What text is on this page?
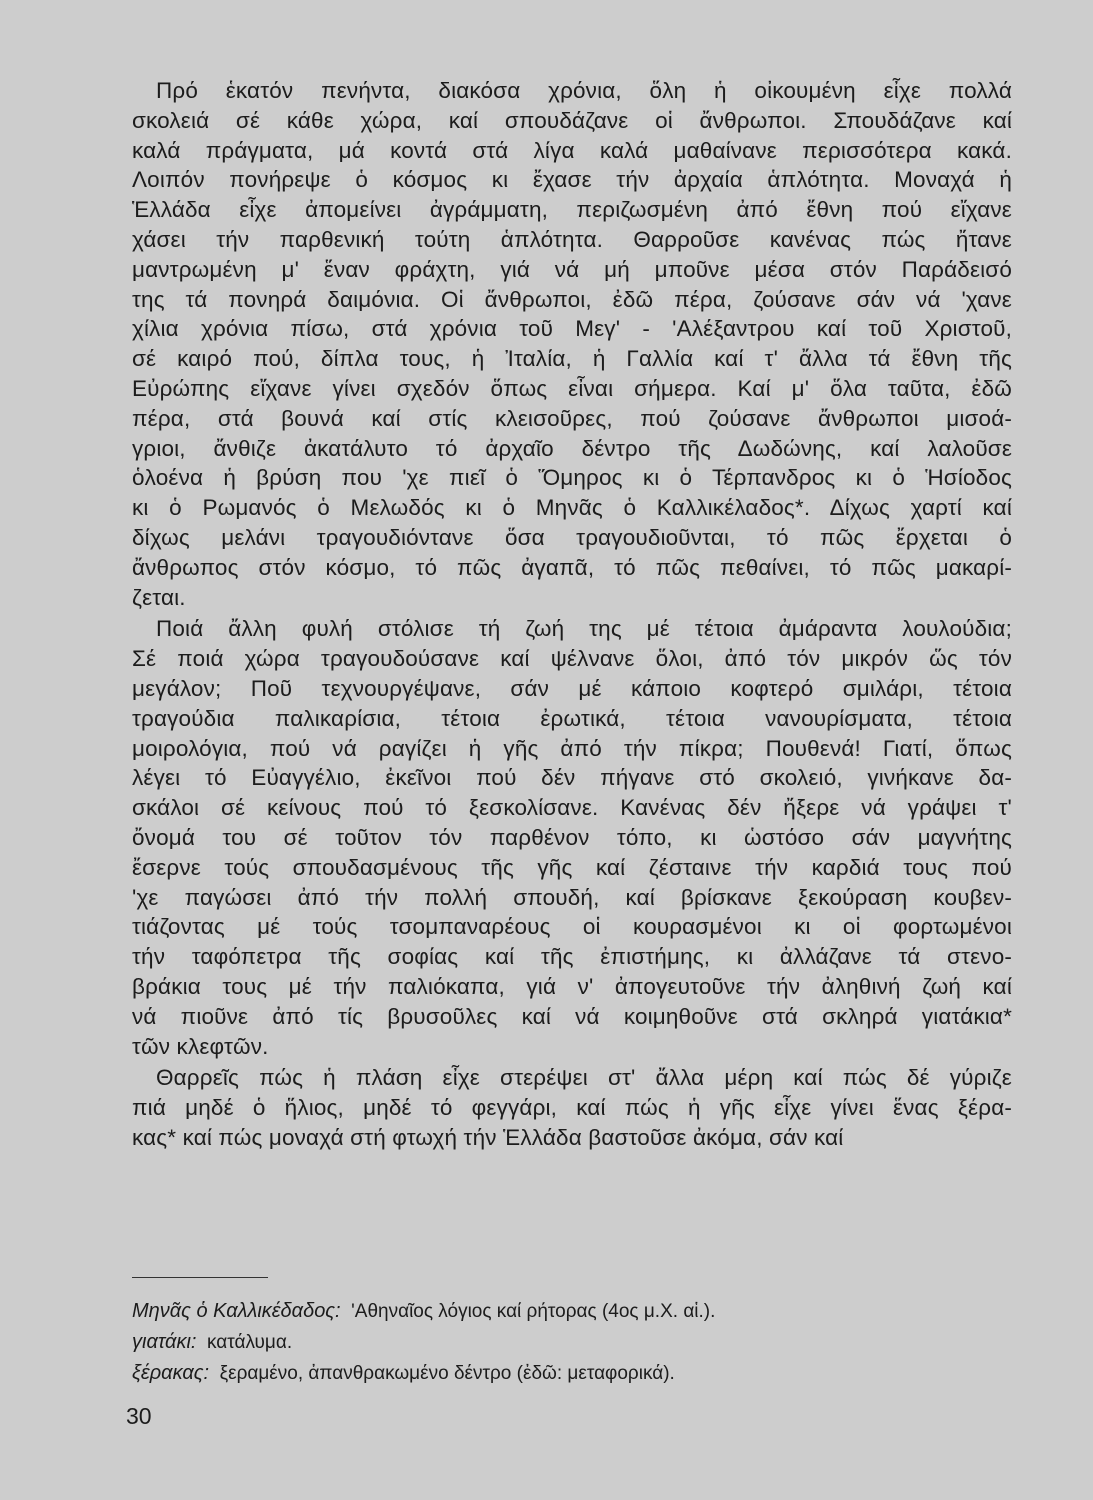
Πρό ἑκατόν πενήντα, διακόσα χρόνια, ὅλη ἡ οἰκουμένη εἶχε πολλά
σκολειά σέ κάθε χώρα, καί σπουδάζανε οἱ ἄνθρωποι. Σπουδάζανε καί
καλά πράγματα, μά κοντά στά λίγα καλά μαθαίνανε περισσότερα κακά.
Λοιπόν πονήρεψε ὁ κόσμος κι ἔχασε τήν ἀρχαία ἁπλότητα. Μοναχά ἡ
Ἑλλάδα εἶχε ἀπομείνει ἀγράμματη, περιζωσμένη ἀπό ἔθνη πού εἴχανε
χάσει τήν παρθενική τούτη ἁπλότητα. Θαρροῦσε κανένας πώς ἤτανε
μαντρωμένη μ' ἕναν φράχτη, γιά νά μή μποῦνε μέσα στόν Παράδεισό
της τά πονηρά δαιμόνια. Οἱ ἄνθρωποι, ἐδῶ πέρα, ζούσανε σάν νά 'χανε
χίλια χρόνια πίσω, στά χρόνια τοῦ Μεγ' - 'Αλέξαντρου καί τοῦ Χριστοῦ,
σέ καιρό πού, δίπλα τους, ἡ Ἰταλία, ἡ Γαλλία καί τ' ἄλλα τά ἔθνη τῆς
Εὐρώπης εἴχανε γίνει σχεδόν ὅπως εἶναι σήμερα. Καί μ' ὅλα ταῦτα, ἐδῶ
πέρα, στά βουνά καί στίς κλεισοῦρες, πού ζούσανε ἄνθρωποι μισοά-
γριοι, ἄνθιζε ἀκατάλυτο τό ἀρχαῖο δέντρο τῆς Δωδώνης, καί λαλοῦσε
ὁλοένα ἡ βρύση που 'χε πιεῖ ὁ Ὅμηρος κι ὁ Τέρπανδρος κι ὁ Ἡσίοδος
κι ὁ Ρωμανός ὁ Μελωδός κι ὁ Μηνᾶς ὁ Καλλικέλαδος*. Δίχως χαρτί καί
δίχως μελάνι τραγουδιόντανε ὅσα τραγουδιοῦνται, τό πῶς ἔρχεται ὁ
ἄνθρωπος στόν κόσμο, τό πῶς ἀγαπᾶ, τό πῶς πεθαίνει, τό πῶς μακαρί-
ζεται.
Ποιά ἄλλη φυλή στόλισε τή ζωή της μέ τέτοια ἀμάραντα λουλούδια;
Σέ ποιά χώρα τραγουδούσανε καί ψέλνανε ὅλοι, ἀπό τόν μικρόν ὥς τόν
μεγάλον; Ποῦ τεχνουργέψανε, σάν μέ κάποιο κοφτερό σμιλάρι, τέτοια
τραγούδια παλικαρίσια, τέτοια ἐρωτικά, τέτοια νανουρίσματα, τέτοια
μοιρολόγια, πού νά ραγίζει ἡ γῆς ἀπό τήν πίκρα; Πουθενά! Γιατί, ὅπως
λέγει τό Εὐαγγέλιο, ἐκεῖνοι πού δέν πήγανε στό σκολειό, γινήκανε δα-
σκάλοι σέ κείνους πού τό ξεσκολίσανε. Κανένας δέν ἤξερε νά γράψει τ'
ὄνομά του σέ τοῦτον τόν παρθένον τόπο, κι ὡστόσο σάν μαγνήτης
ἔσερνε τούς σπουδασμένους τῆς γῆς καί ζέσταινε τήν καρδιά τους πού
'χε παγώσει ἀπό τήν πολλή σπουδή, καί βρίσκανε ξεκούραση κουβεν-
τιάζοντας μέ τούς τσομπαναρέους οἱ κουρασμένοι κι οἱ φορτωμένοι
τήν ταφόπετρα τῆς σοφίας καί τῆς ἐπιστήμης, κι ἀλλάζανε τά στενο-
βράκια τους μέ τήν παλιόκαπα, γιά ν' ἀπογευτοῦνε τήν ἀληθινή ζωή καί
νά πιοῦνε ἀπό τίς βρυσοῦλες καί νά κοιμηθοῦνε στά σκληρά γιατάκια*
τῶν κλεφτῶν.
Θαρρεῖς πώς ἡ πλάση εἶχε στερέψει στ' ἄλλα μέρη καί πώς δέ γύριζε
πιά μηδέ ὁ ἥλιος, μηδέ τό φεγγάρι, καί πώς ἡ γῆς εἶχε γίνει ἕνας ξέρα-
κας* καί πώς μοναχά στή φτωχή τήν Ἑλλάδα βαστοῦσε ἀκόμα, σάν καί
Μηνᾶς ὁ Καλλικέδαδος: 'Αθηναῖος λόγιος καί ρήτορας (4ος μ.Χ. αἱ.).
γιατάκι: κατάλυμα.
ξέρακας: ξεραμένο, ἀπανθρακωμένο δέντρο (ἐδῶ: μεταφορικά).
30
